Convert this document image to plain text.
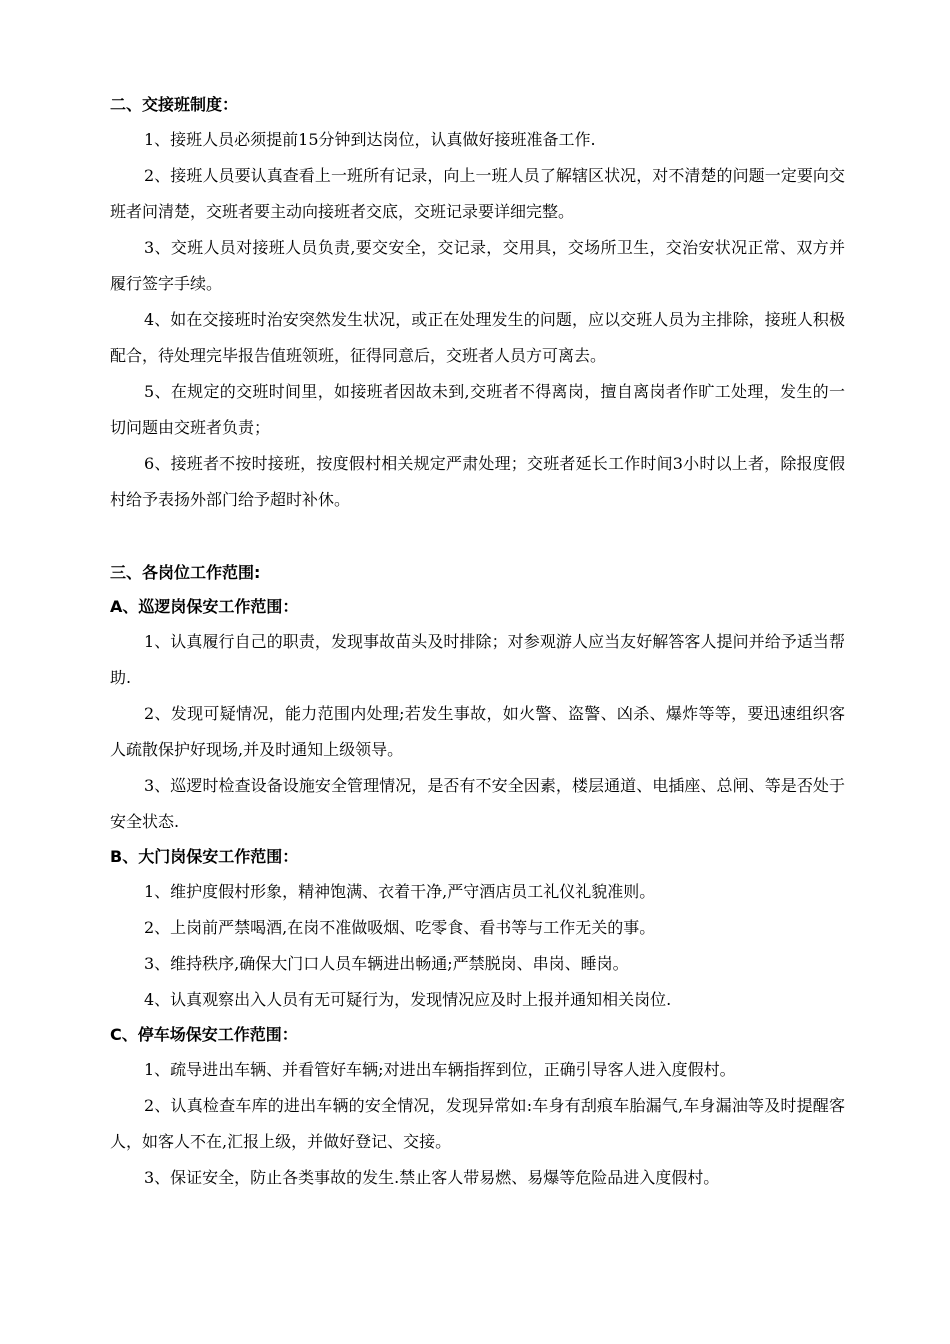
二、交接班制度：

1、接班人员必须提前15分钟到达岗位，认真做好接班准备工作.

2、接班人员要认真查看上一班所有记录，向上一班人员了解辖区状况，对不清楚的问题一定要向交班者问清楚，交班者要主动向接班者交底，交班记录要详细完整。

3、交班人员对接班人员负责,要交安全，交记录，交用具，交场所卫生，交治安状况正常、双方并履行签字手续。

4、如在交接班时治安突然发生状况，或正在处理发生的问题，应以交班人员为主排除，接班人积极配合，待处理完毕报告值班领班，征得同意后，交班者人员方可离去。

5、在规定的交班时间里，如接班者因故未到,交班者不得离岗，擅自离岗者作旷工处理，发生的一切问题由交班者负责；

6、接班者不按时接班，按度假村相关规定严肃处理；交班者延长工作时间3小时以上者，除报度假村给予表扬外部门给予超时补休。

三、各岗位工作范围:

A、巡逻岗保安工作范围：

1、认真履行自己的职责，发现事故苗头及时排除；对参观游人应当友好解答客人提问并给予适当帮助.

2、发现可疑情况，能力范围内处理;若发生事故，如火警、盗警、凶杀、爆炸等等，要迅速组织客人疏散保护好现场,并及时通知上级领导。

3、巡逻时检查设备设施安全管理情况，是否有不安全因素，楼层通道、电插座、总闸、等是否处于安全状态.

B、大门岗保安工作范围：

1、维护度假村形象，精神饱满、衣着干净,严守酒店员工礼仪礼貌准则。

2、上岗前严禁喝酒,在岗不准做吸烟、吃零食、看书等与工作无关的事。

3、维持秩序,确保大门口人员车辆进出畅通;严禁脱岗、串岗、睡岗。

4、认真观察出入人员有无可疑行为，发现情况应及时上报并通知相关岗位.

C、停车场保安工作范围：

1、疏导进出车辆、并看管好车辆;对进出车辆指挥到位，正确引导客人进入度假村。

2、认真检查车库的进出车辆的安全情况，发现异常如:车身有刮痕车胎漏气,车身漏油等及时提醒客人，如客人不在,汇报上级，并做好登记、交接。

3、保证安全，防止各类事故的发生.禁止客人带易燃、易爆等危险品进入度假村。
